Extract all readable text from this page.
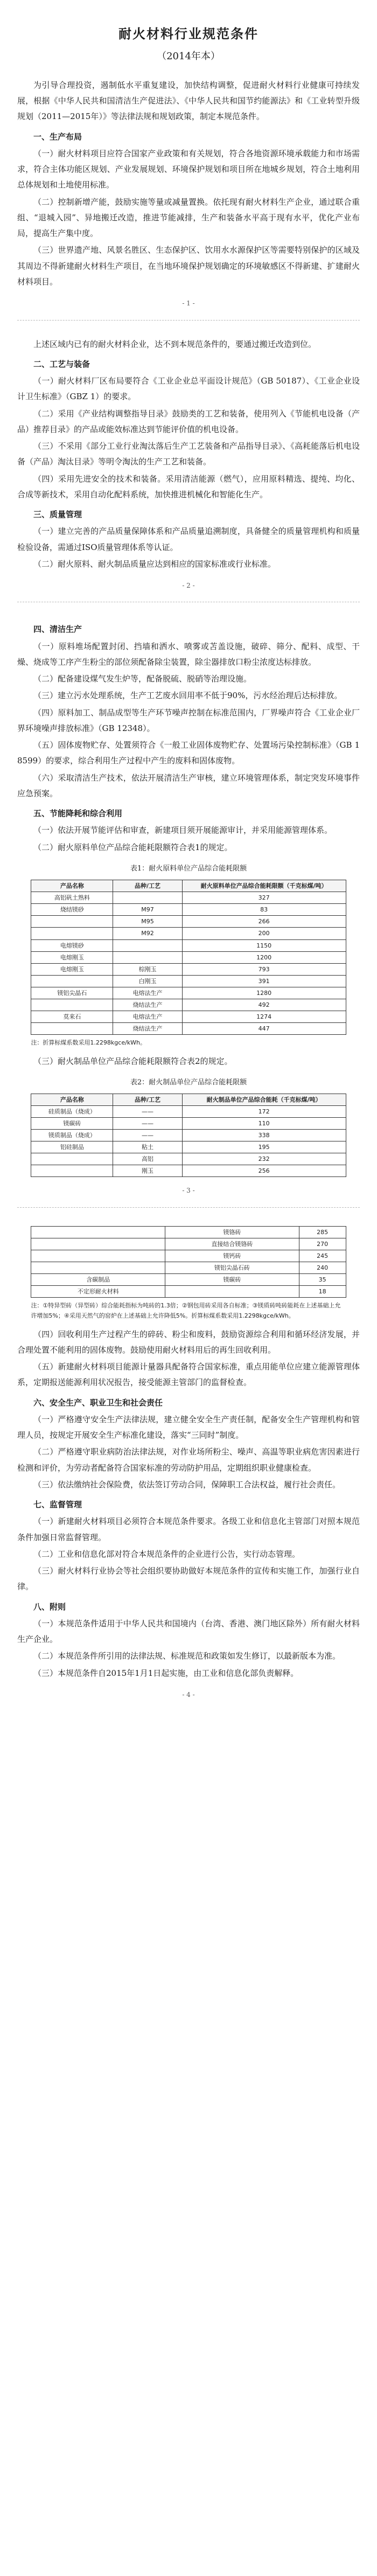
耐火材料行业规范条件
（2014年本）

为引导合理投资，遏制低水平重复建设，加快结构调整，促进耐火材料行业健康可持续发展，根据《中华人民共和国清洁生产促进法》、《中华人民共和国节约能源法》和《工业转型升级规划（2011—2015年）》等法律法规和规划政策，制定本规范条件。

一、生产布局

（一）耐火材料项目应符合国家产业政策和有关规划，符合各地资源环境承载能力和市场需求，符合主体功能区规划、产业发展规划、环境保护规划和项目所在地城乡规划，符合土地利用总体规划和土地使用标准。

（二）控制新增产能，鼓励实施等量或减量置换。依托现有耐火材料生产企业，通过联合重组、“退城入园”、异地搬迁改造，推进节能减排，生产和装备水平高于现有水平，优化产业布局，提高生产集中度。

（三）世界遗产地、风景名胜区、生态保护区、饮用水水源保护区等需要特别保护的区域及其周边不得新建耐火材料生产项目，在当地环境保护规划确定的环境敏感区不得新建、扩建耐火材料项目。

- 1 -

上述区域内已有的耐火材料企业，达不到本规范条件的，要通过搬迁改造到位。

二、工艺与装备

（一）耐火材料厂区布局要符合《工业企业总平面设计规范》（GB 50187）、《工业企业设计卫生标准》（GBZ 1）的要求。

（二）采用《产业结构调整指导目录》鼓励类的工艺和装备，使用列入《节能机电设备（产品）推荐目录》的产品或能效标准达到节能评价值的机电设备。

（三）不采用《部分工业行业淘汰落后生产工艺装备和产品指导目录》、《高耗能落后机电设备（产品）淘汰目录》等明令淘汰的生产工艺和装备。

（四）采用先进安全的技术和装备。采用清洁能源（燃气），应用原料精选、提纯、均化、合成等新技术，采用自动化配料系统，加快推进机械化和智能化生产。

三、质量管理

（一）建立完善的产品质量保障体系和产品质量追溯制度，具备健全的质量管理机构和质量检验设备，需通过ISO质量管理体系等认证。

（二）耐火原料、耐火制品质量应达到相应的国家标准或行业标准。

- 2 -
四、清洁生产

（一）原料堆场配置封闭、挡墙和洒水、喷雾或苫盖设施，破碎、筛分、配料、成型、干燥、烧成等工序产生粉尘的部位须配备除尘装置，除尘器排放口粉尘浓度达标排放。

（二）配备建设煤气发生炉等，配备脱硫、脱硝等治理设施。

（三）建立污水处理系统，生产工艺废水回用率不低于90%，污水经治理后达标排放。

（四）原料加工、制品成型等生产环节噪声控制在标准范围内，厂界噪声符合《工业企业厂界环境噪声排放标准》（GB 12348）。

（五）固体废物贮存、处置须符合《一般工业固体废物贮存、处置场污染控制标准》（GB 18599）的要求，综合利用生产过程中产生的废料和固体废物。

（六）采取清洁生产技术，依法开展清洁生产审核，建立环境管理体系，制定突发环境事件应急预案。

五、节能降耗和综合利用

（一）依法开展节能评估和审查，新建项目须开展能源审计，并采用能源管理体系。

（二）耐火原料单位产品综合能耗限额符合表1的规定。

表1：耐火原料单位产品综合能耗限额
产品名称	品种/工艺	耐火原料单位产品综合能耗限额（千克标煤/吨）
高铝矾土熟料		327
烧结镁砂	M97	83
	M95	266
	M92	200
电熔镁砂		1150
电熔刚玉		1200
电熔刚玉	棕刚玉	793
	白刚玉	391
镁铝尖晶石	电熔法生产	1280
	烧结法生产	492
莫来石	电熔法生产	1274
	烧结法生产	447
注：折算标煤系数采用1.2298kgce/kWh。

（三）耐火制品单位产品综合能耗限额符合表2的规定。

表2：耐火制品单位产品综合能耗限额
产品名称	品种/工艺	耐火制品单位产品综合能耗（千克标煤/吨）
硅质制品（烧成）	——	172
镁碳砖	——	110
镁质制品（烧成）	——	338
铝硅制品	粘土	195
	高铝	232
	刚玉	256
- 3 -
	镁铬砖	285
	直接结合镁铬砖	270
	镁钙砖	245
	镁铝尖晶石砖	240
含碳制品	镁碳砖	35
不定形耐火材料		18
注：①特异型砖（异型砖）综合能耗指标为吨砖的1.3倍；②钢包用砖采用各自标准；③镁质砖吨砖能耗在上述基础上允许增加5%；④采用天然气的窑炉在上述基础上允许降低5%。折算标煤系数采用1.2298kgce/kWh。

（四）回收利用生产过程产生的碎砖、粉尘和废料，鼓励资源综合利用和循环经济发展，并合理处置不能利用的固体废物。鼓励使用耐火材料用后的再生回收利用。

（五）新建耐火材料项目能源计量器具配备符合国家标准，重点用能单位应建立能源管理体系，定期报送能源利用状况报告，接受能源主管部门的监督检查。

六、安全生产、职业卫生和社会责任

（一）严格遵守安全生产法律法规，建立健全安全生产责任制，配备安全生产管理机构和管理人员，按规定开展安全生产标准化建设，落实“三同时”制度。

（二）严格遵守职业病防治法律法规，对作业场所粉尘、噪声、高温等职业病危害因素进行检测和评价，为劳动者配备符合国家标准的劳动防护用品，定期组织职业健康检查。

（三）依法缴纳社会保险费，依法签订劳动合同，保障职工合法权益，履行社会责任。

七、监督管理

（一）新建耐火材料项目必须符合本规范条件要求。各级工业和信息化主管部门对照本规范条件加强日常监督管理。

（二）工业和信息化部对符合本规范条件的企业进行公告，实行动态管理。

（三）耐火材料行业协会等社会组织要协助做好本规范条件的宣传和实施工作，加强行业自律。

八、附则

（一）本规范条件适用于中华人民共和国境内（台湾、香港、澳门地区除外）所有耐火材料生产企业。

（二）本规范条件所引用的法律法规、标准规范和政策如发生修订，以最新版本为准。

（三）本规范条件自2015年1月1日起实施，由工业和信息化部负责解释。

- 4 -
